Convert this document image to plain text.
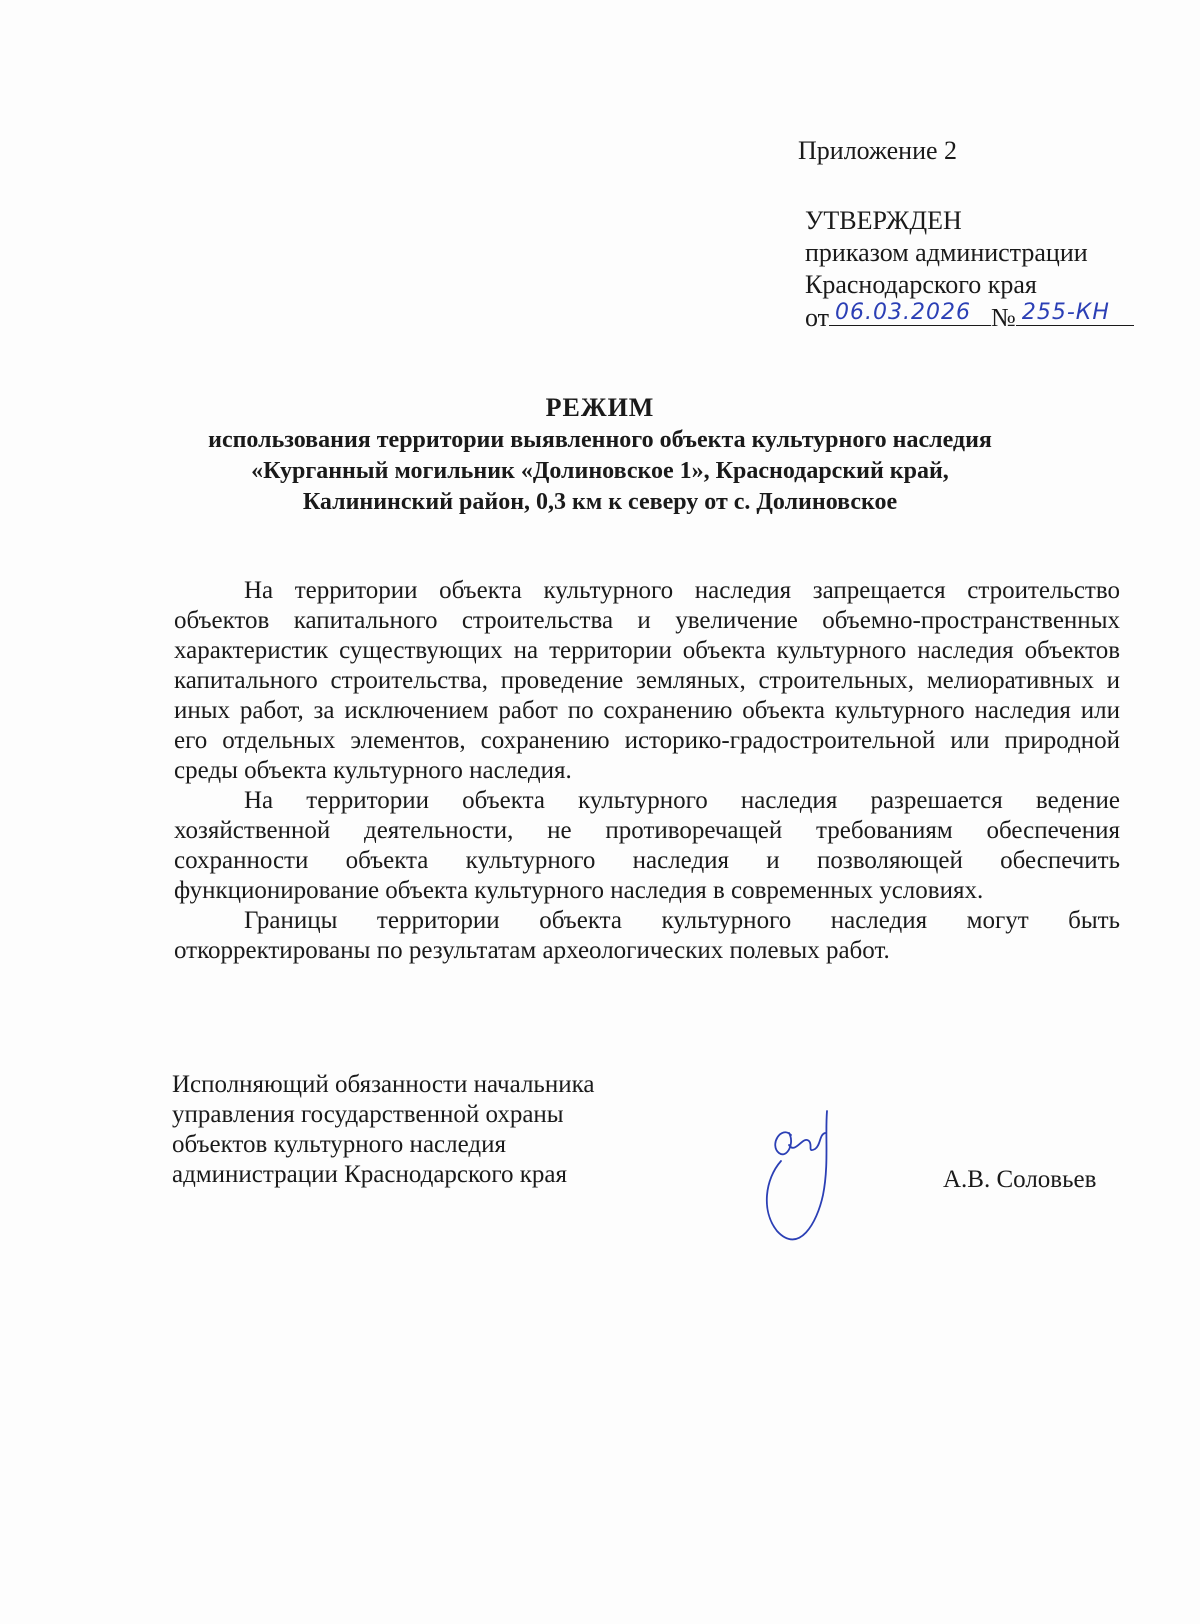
Приложение 2
УТВЕРЖДЕН
приказом администрации
Краснодарского края
от 06.03.2026 № 255-КН
РЕЖИМ
использования территории выявленного объекта культурного наследия
«Курганный могильник «Долиновское 1», Краснодарский край,
Калининский район, 0,3 км к северу от с. Долиновское

На территории объекта культурного наследия запрещается строительство объектов капитального строительства и увеличение объемно-пространственных характеристик существующих на территории объекта культурного наследия объектов капитального строительства, проведение земляных, строительных, мелиоративных и иных работ, за исключением работ по сохранению объекта культурного наследия или его отдельных элементов, сохранению историко-градостроительной или природной среды объекта культурного наследия.

На территории объекта культурного наследия разрешается ведение хозяйственной деятельности, не противоречащей требованиям обеспечения сохранности объекта культурного наследия и позволяющей обеспечить функционирование объекта культурного наследия в современных условиях.

Границы территории объекта культурного наследия могут быть откорректированы по результатам археологических полевых работ.

Исполняющий обязанности начальника
управления государственной охраны
объектов культурного наследия
администрации Краснодарского края	А.В. Соловьев
